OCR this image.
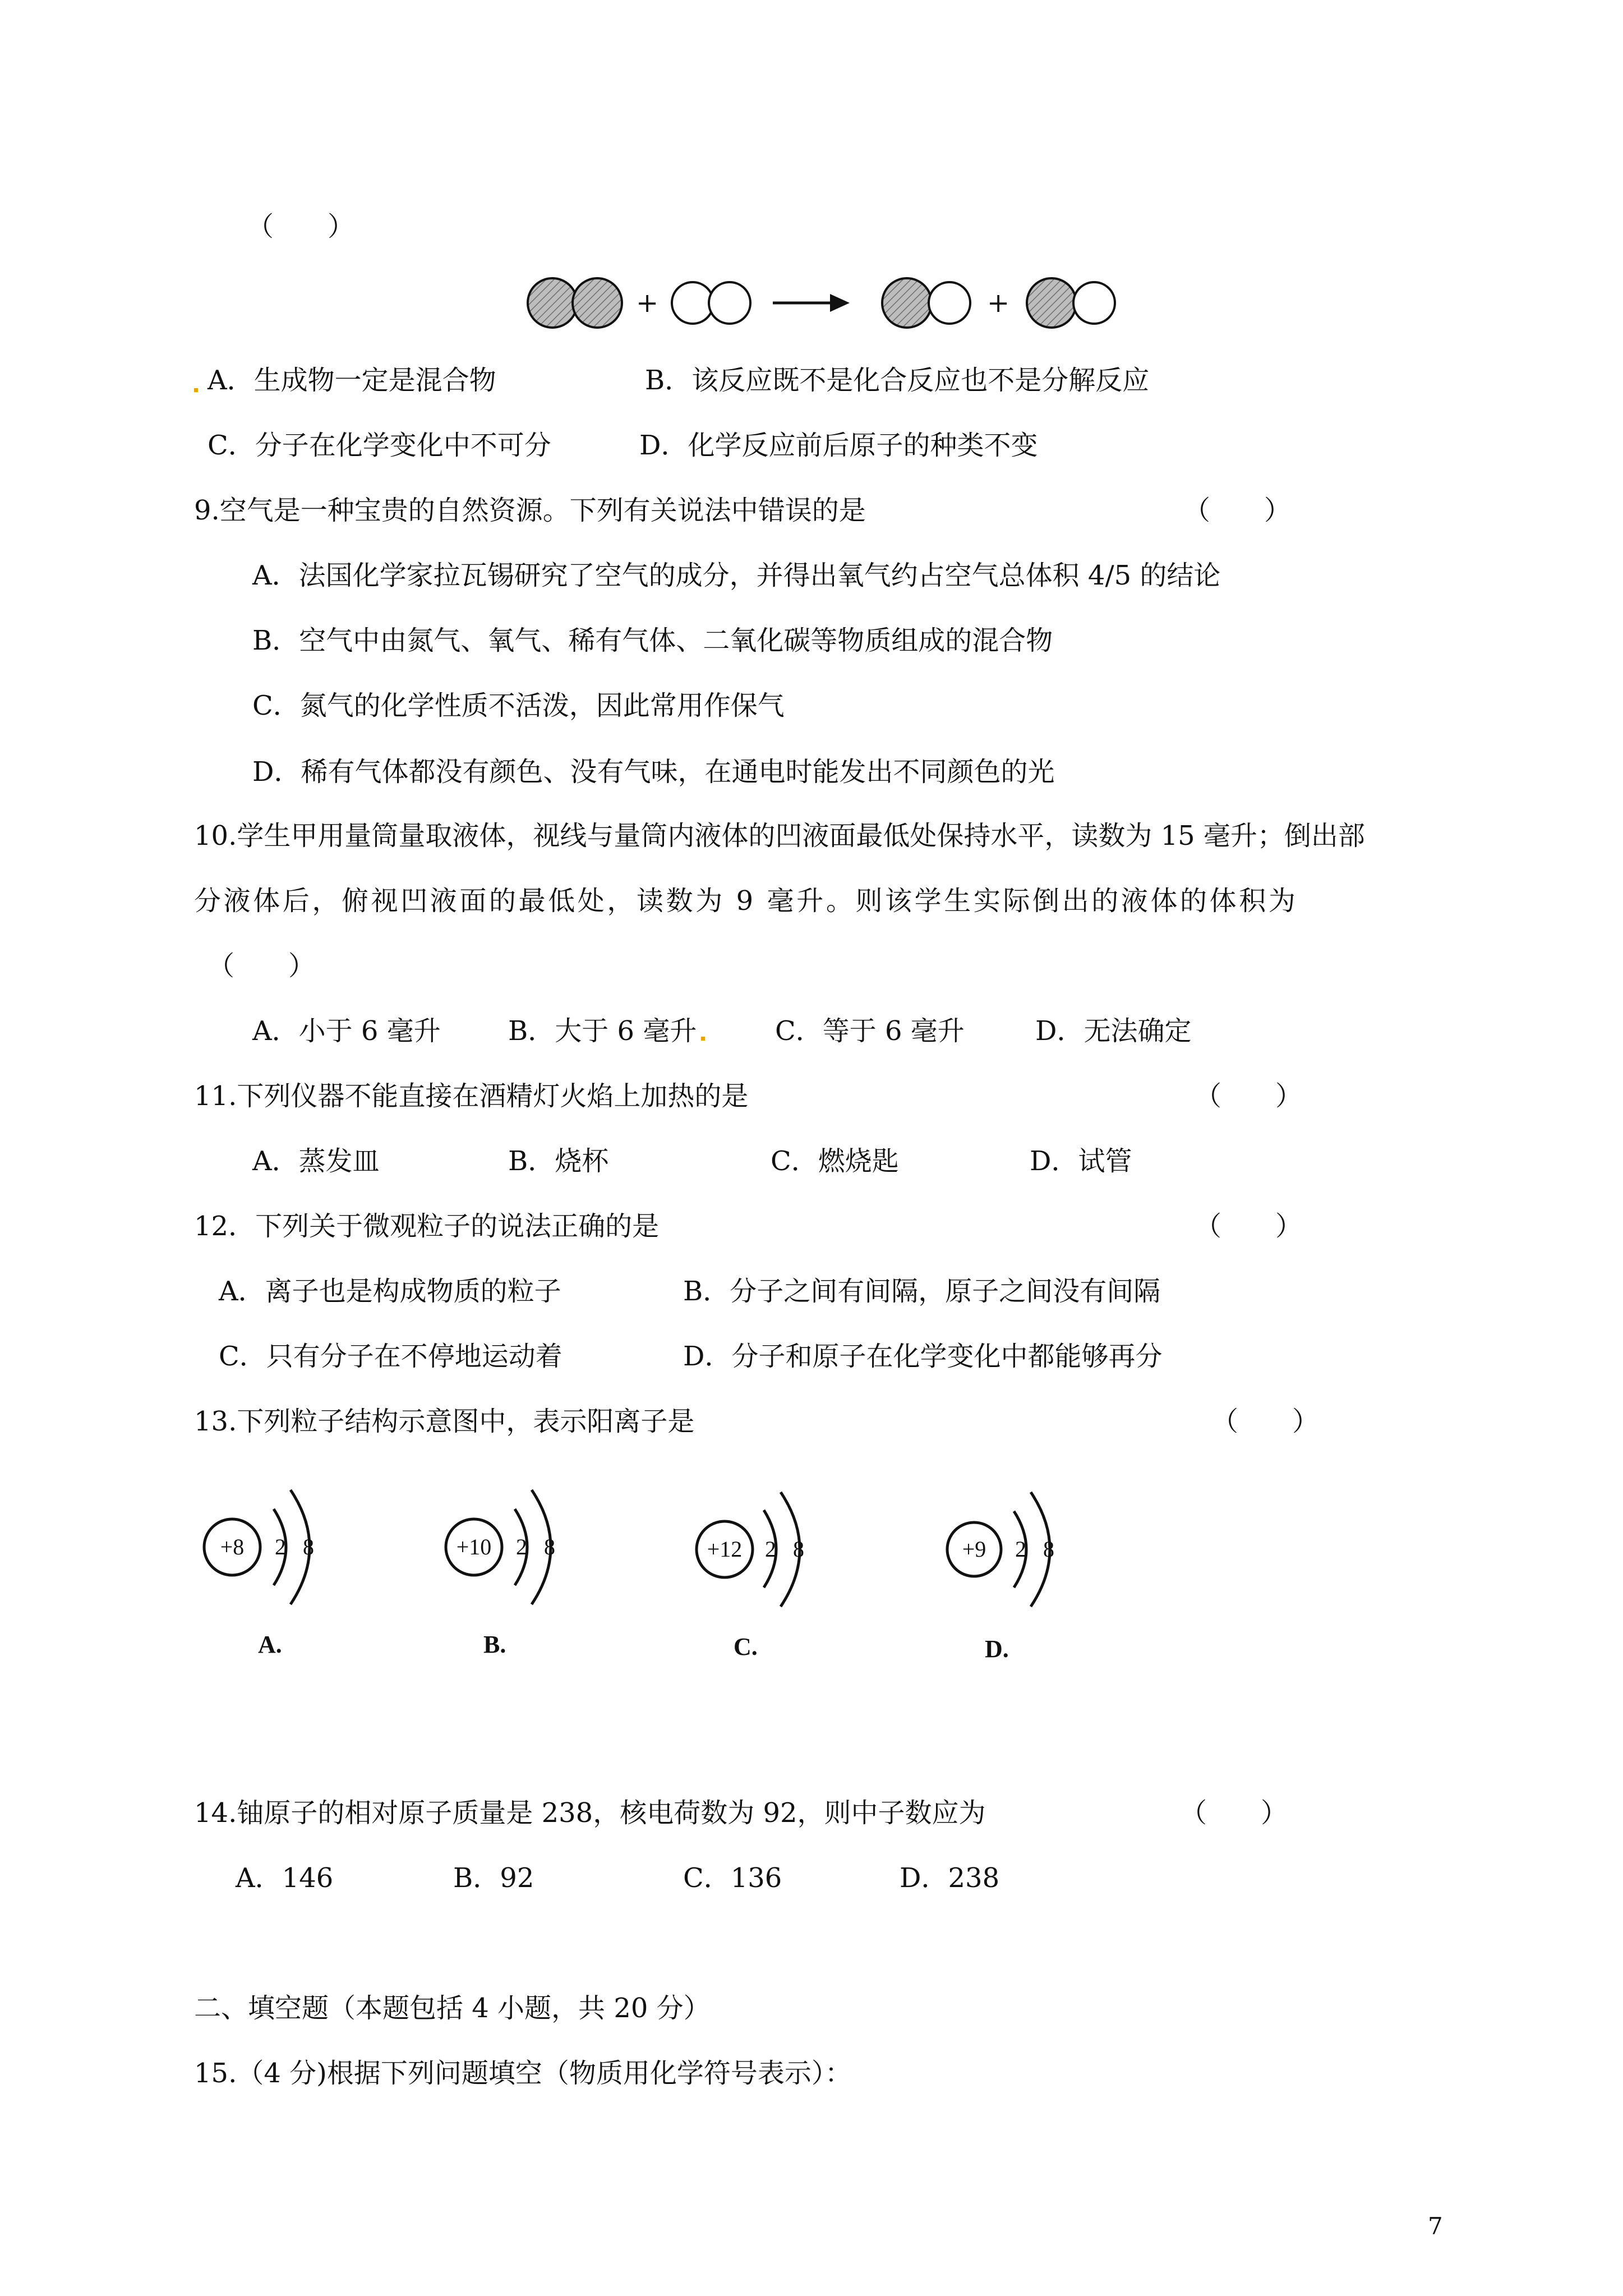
（　　）
+	+
A．生成物一定是混合物	B．该反应既不是化合反应也不是分解反应
C．分子在化学变化中不可分	D．化学反应前后原子的种类不变
9.空气是一种宝贵的自然资源。下列有关说法中错误的是	（　　）
A．法国化学家拉瓦锡研究了空气的成分，并得出氧气约占空气总体积 4/5 的结论
B．空气中由氮气、氧气、稀有气体、二氧化碳等物质组成的混合物
C．氮气的化学性质不活泼，因此常用作保气
D．稀有气体都没有颜色、没有气味，在通电时能发出不同颜色的光
10.学生甲用量筒量取液体，视线与量筒内液体的凹液面最低处保持水平，读数为 15 毫升；倒出部
分液体后，俯视凹液面的最低处，读数为 9 毫升。则该学生实际倒出的液体的体积为
（　　）
A．小于 6 毫升	B．大于 6 毫升	C．等于 6 毫升	D．无法确定
11.下列仪器不能直接在酒精灯火焰上加热的是	（　　）
A．蒸发皿	B．烧杯	C．燃烧匙	D．试管
12．下列关于微观粒子的说法正确的是	（　　）
A．离子也是构成物质的粒子	B．分子之间有间隔，原子之间没有间隔
C．只有分子在不停地运动着	D．分子和原子在化学变化中都能够再分
13.下列粒子结构示意图中，表示阳离子是	（　　）
+8	2 8
A.
+10	2 8
B.
+12	2 8
C.
+9	2 8
D.
14.铀原子的相对原子质量是 238，核电荷数为 92，则中子数应为	（　　）
A．146	B．92	C．136	D．238
二、填空题（本题包括 4 小题，共 20 分）
15.（4 分)根据下列问题填空（物质用化学符号表示）：
7
